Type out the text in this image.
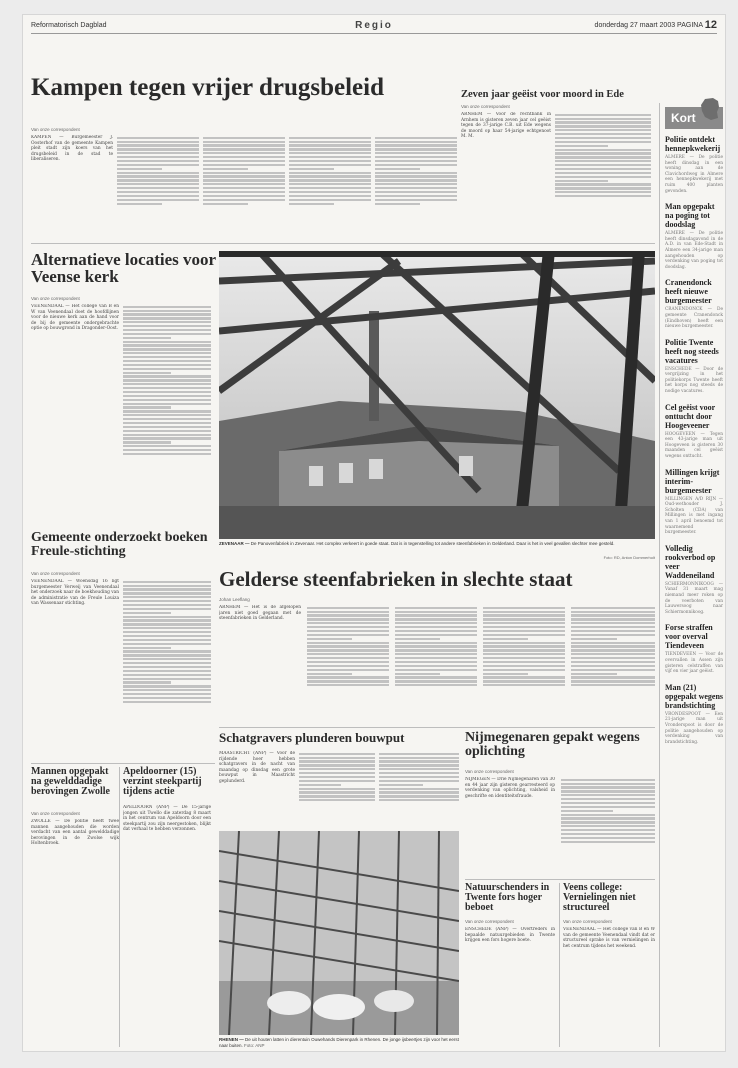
Reformatorisch Dagblad	Regio	donderdag 27 maart 2003 PAGINA 12
Kampen tegen vrijer drugsbeleid
Van onze correspondent
KAMPEN — Burgemeester J. Oosterhof van de gemeente Kampen pleit stadt zijn koers van het drugsbeleid in de stad te liberaliseren.
Zeven jaar geëist voor moord in Ede
Van onze correspondent
ARNHEM — Voor de rechtbank in Arnhem is gisteren zeven jaar cel geëist tegen de 37-jarige C.B. uit Ede wegens de moord op haar 54-jarige echtgenoot M. M.
Kort
Politie ontdekt hennepkwekerij
ALMERE — De politie heeft dinsdag in een woning aan de Clavichordweg in Almere een hennepkwekerij met ruim 400 planten gevonden.
Man opgepakt na poging tot doodslag
ALMERE — De politie heeft dinsdagavond in de A.D. in van Ede-Stadt in Almere een 34-jarige man aangehouden op verdenking van poging tot doodslag.
Cranendonck heeft nieuwe burgemeester
CRANENDONCK — De gemeente Cranendonck (Eindhoven) heeft een nieuwe burgemeester.
Politie Twente heeft nog steeds vacatures
ENSCHEDE — Door de vergrijzing in het politiekorps Twente heeft het korps nog steeds de nodige vacatures.
Cel geëist voor onttucht door Hoogeveener
HOOGEVEEN — Tegen een 43-jarige man uit Hoogeveen is gisteren 30 maanden cel geëist wegens onttucht.
Millingen krijgt interim-burgemeester
MILLINGEN A/D RIJN — Oud-wethouder J. Scholten (CDA) van Millingen is met ingang van 1 april benoemd tot waarnemend burgemeester.
Volledig rookverbod op veer Waddeneiland
SCHIERMONNIKOOG — Vanaf 31 maart mag niemand meer roken op de veerboten van Lauwersoog naar Schiermonnikoog.
Forse straffen voor overval Tiendeveen
TIENDEVEEN — Voor de overvallen in Assen zijn gisteren celstraffen van vijf en vier jaar geëist.
Man (21) opgepakt wegens brandstichting
VRONDESPOOT — Een 21-jarige man uit Vronderspoot is door de politie aangehouden op verdenking van brandstichting.
Alternatieve locaties voor Veense kerk
Van onze correspondent
VEENENDAAL — Het college van B en W van Veenendaal doet de hoofdlijnen voor de nieuwe kerk aan de hand voor de bij de gemeente ondergebrachte optie op bouwgrond in Dragonder-Oost.
ZEVENAAR — De Panovenfabriek in Zevenaar. Het complex verkeert in goede staat. Dat is in tegenstelling tot andere steenfabrieken in Gelderland. Daar is het in veel gevallen slechter mee gesteld.
Foto: RD, Anton Dommerholt
Gemeente onderzoekt boeken Freule-stichting
Van onze correspondent
VEENENDAAL — Woensdag 16 ligt burgemeester Verweij van Veenendaal het onderzoek naar de boekhouding van de administratie van de Freule Louiza van Wassenaar stichting.
Gelderse steenfabrieken in slechte staat
Johan Leeflang
ARNHEM — Het is de afgelopen jaren niet goed gegaan met de steenfabrieken in Gelderland.
Schatgravers plunderen bouwput
MAASTRICHT (ANP) — Voor de rijdende hoer hebben schatgravers in de nacht van maandag op dinsdag een grote bouwput in Maastricht geplunderd.
Nijmegenaren gepakt wegens oplichting
Van onze correspondent
NIJMEGEN — Drie Nijmegenaren van 30 en 44 jaar zijn gisteren gearresteerd op verdenking van oplichting, valsheid in geschrifte en identiteitsfraude.
Mannen opgepakt na gewelddadige berovingen Zwolle
Van onze correspondent
ZWOLLE — De politie heeft twee mannen aangehouden die worden verdacht van een aantal gewelddadige berovingen in de Zwolse wijk Holtenbroek.
Apeldoorner (15) verzint steekpartij tijdens actie
APELDOORN (ANP) — De 15-jarige jongen uit Twello die zaterdag 8 maart in het centrum van Apeldoorn door een steekpartij zou zijn neergestoken, blijkt dat verhaal te hebben verzonnen.
RHENEN — De uit houten latten in dierentuin Ouwehands Dierenpark in Rhenen. De jonge ijsbeertjes zijn voor het eerst naar buiten. Foto: ANP
Natuurschenders in Twente fors hoger beboet
Van onze correspondent
ENSCHEDE (ANP) — Overtreders in bepaalde natuurgebieden in Twente krijgen een fors hogere boete.
Veens college: Vernielingen niet structureel
Van onze correspondent
VEENENDAAL — Het college van B en W van de gemeente Veenendaal vindt dat er structureel sprake is van vernielingen in het centrum tijdens het weekend.
